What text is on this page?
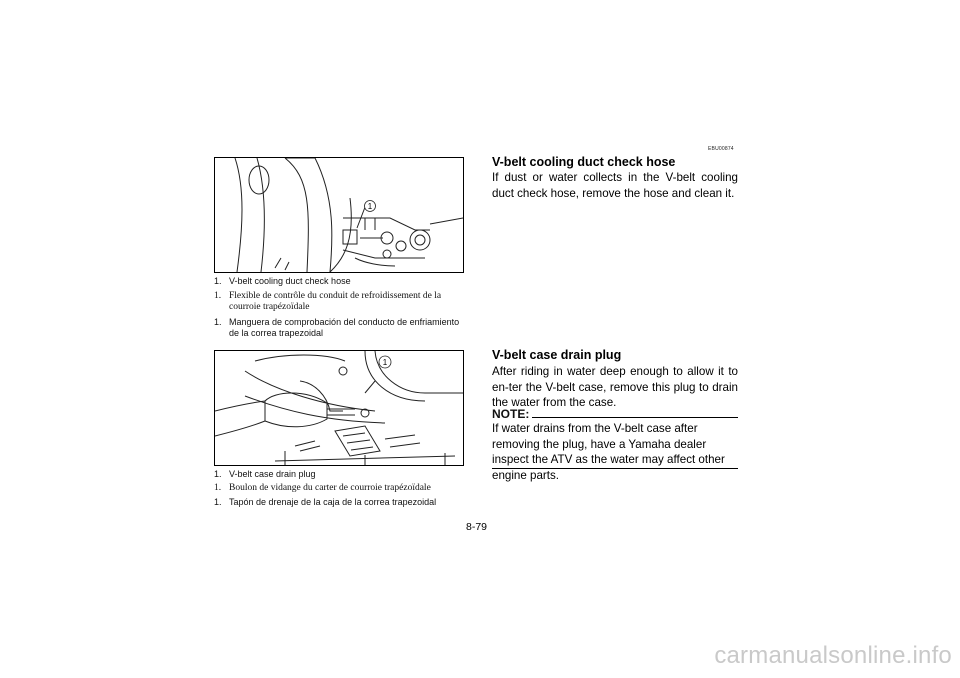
1
1. V-belt cooling duct check hose
1. Flexible de contrôle du conduit de refroidissement de la courroie trapézoïdale
1. Manguera de comprobación del conducto de enfriamiento de la correa trapezoidal
1
1. V-belt case drain plug
1. Boulon de vidange du carter de courroie trapézoïdale
1. Tapón de drenaje de la caja de la correa trapezoidal
EBU00874
V-belt cooling duct check hose
If dust or water collects in the V-belt cooling duct check hose, remove the hose and clean it.
V-belt case drain plug
After riding in water deep enough to allow it to en-ter the V-belt case, remove this plug to drain the water from the case.
NOTE:
If water drains from the V-belt case after removing the plug, have a Yamaha dealer inspect the ATV as the water may affect other engine parts.
8-79
carmanualsonline.info
